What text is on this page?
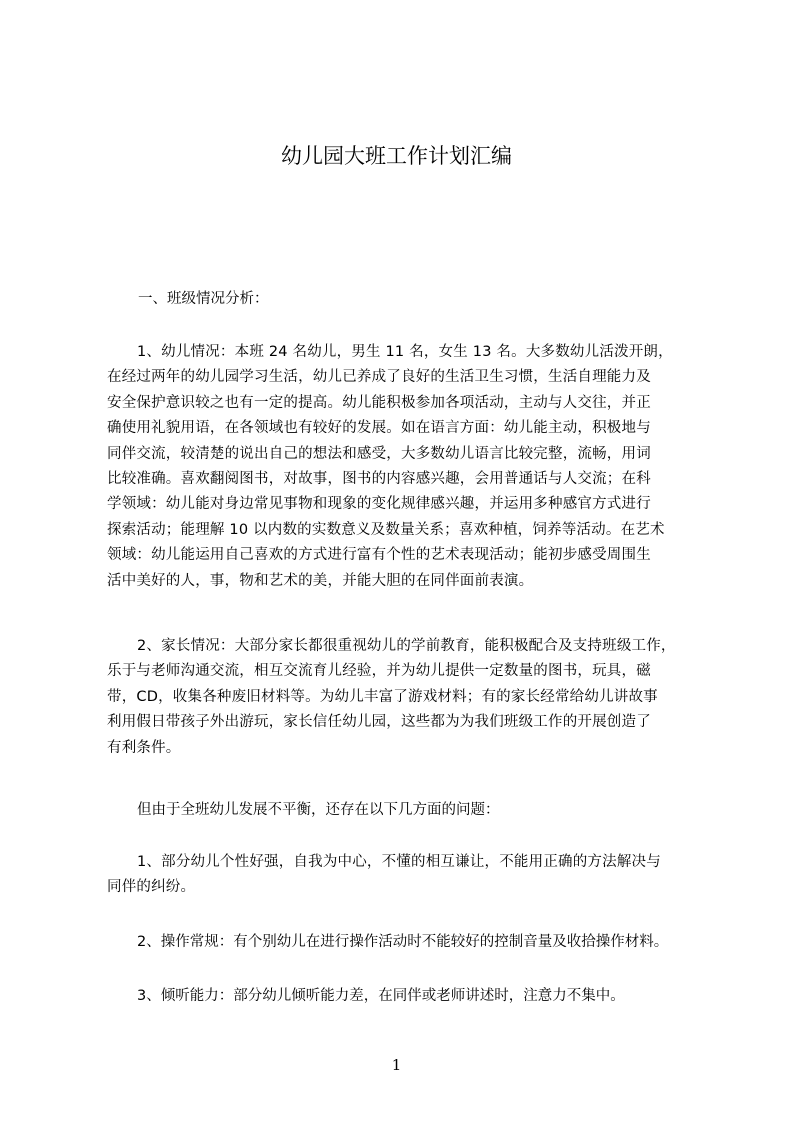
幼儿园大班工作计划汇编

一、班级情况分析：

1、幼儿情况：本班 24 名幼儿，男生 11 名，女生 13 名。大多数幼儿活泼开朗，
在经过两年的幼儿园学习生活，幼儿已养成了良好的生活卫生习惯，生活自理能力及
安全保护意识较之也有一定的提高。幼儿能积极参加各项活动，主动与人交往，并正
确使用礼貌用语，在各领域也有较好的发展。如在语言方面：幼儿能主动，积极地与
同伴交流，较清楚的说出自己的想法和感受，大多数幼儿语言比较完整，流畅，用词
比较准确。喜欢翻阅图书，对故事，图书的内容感兴趣，会用普通话与人交流；在科
学领域：幼儿能对身边常见事物和现象的变化规律感兴趣，并运用多种感官方式进行
探索活动；能理解 10 以内数的实数意义及数量关系；喜欢种植，饲养等活动。在艺术
领域：幼儿能运用自己喜欢的方式进行富有个性的艺术表现活动；能初步感受周围生
活中美好的人，事，物和艺术的美，并能大胆的在同伴面前表演。

2、家长情况：大部分家长都很重视幼儿的学前教育，能积极配合及支持班级工作，
乐于与老师沟通交流，相互交流育儿经验，并为幼儿提供一定数量的图书，玩具，磁
带，CD，收集各种废旧材料等。为幼儿丰富了游戏材料；有的家长经常给幼儿讲故事
利用假日带孩子外出游玩，家长信任幼儿园，这些都为为我们班级工作的开展创造了
有利条件。

但由于全班幼儿发展不平衡，还存在以下几方面的问题：

1、部分幼儿个性好强，自我为中心，不懂的相互谦让，不能用正确的方法解决与
同伴的纠纷。

2、操作常规：有个别幼儿在进行操作活动时不能较好的控制音量及收拾操作材料。

3、倾听能力：部分幼儿倾听能力差，在同伴或老师讲述时，注意力不集中。

1
